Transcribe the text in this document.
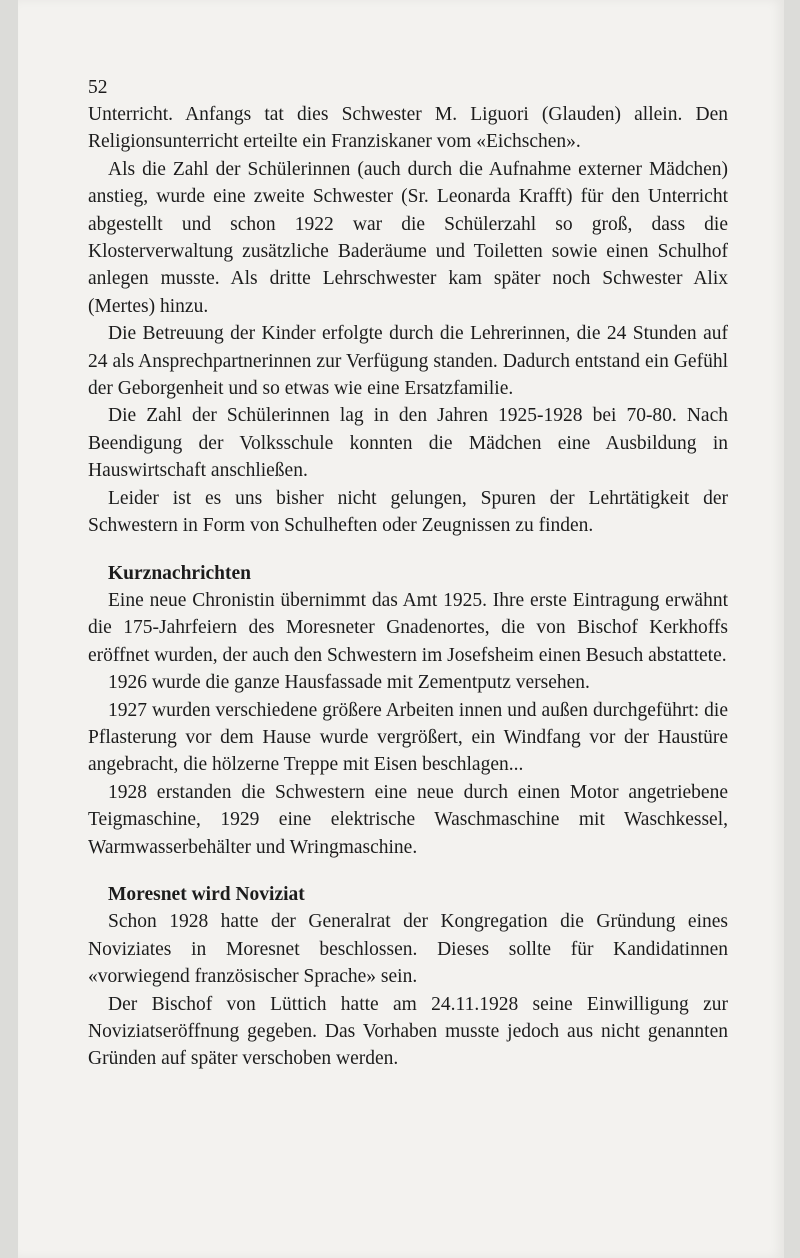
52

Unterricht. Anfangs tat dies Schwester M. Liguori (Glauden) allein. Den Religionsunterricht erteilte ein Franziskaner vom «Eichschen».

Als die Zahl der Schülerinnen (auch durch die Aufnahme externer Mädchen) anstieg, wurde eine zweite Schwester (Sr. Leonarda Krafft) für den Unterricht abgestellt und schon 1922 war die Schülerzahl so groß, dass die Klosterverwaltung zusätzliche Baderäume und Toiletten sowie einen Schulhof anlegen musste. Als dritte Lehrschwester kam später noch Schwester Alix (Mertes) hinzu.

Die Betreuung der Kinder erfolgte durch die Lehrerinnen, die 24 Stunden auf 24 als Ansprechpartnerinnen zur Verfügung standen. Dadurch entstand ein Gefühl der Geborgenheit und so etwas wie eine Ersatzfamilie.

Die Zahl der Schülerinnen lag in den Jahren 1925-1928 bei 70-80. Nach Beendigung der Volksschule konnten die Mädchen eine Ausbildung in Hauswirtschaft anschließen.

Leider ist es uns bisher nicht gelungen, Spuren der Lehrtätigkeit der Schwestern in Form von Schulheften oder Zeugnissen zu finden.

Kurznachrichten

Eine neue Chronistin übernimmt das Amt 1925. Ihre erste Eintragung erwähnt die 175-Jahrfeiern des Moresneter Gnadenortes, die von Bischof Kerkhoffs eröffnet wurden, der auch den Schwestern im Josefsheim einen Besuch abstattete.

1926 wurde die ganze Hausfassade mit Zementputz versehen.

1927 wurden verschiedene größere Arbeiten innen und außen durchgeführt: die Pflasterung vor dem Hause wurde vergrößert, ein Windfang vor der Haustüre angebracht, die hölzerne Treppe mit Eisen beschlagen...

1928 erstanden die Schwestern eine neue durch einen Motor angetriebene Teigmaschine, 1929 eine elektrische Waschmaschine mit Waschkessel, Warmwasserbehälter und Wringmaschine.

Moresnet wird Noviziat

Schon 1928 hatte der Generalrat der Kongregation die Gründung eines Noviziates in Moresnet beschlossen. Dieses sollte für Kandidatinnen «vorwiegend französischer Sprache» sein.

Der Bischof von Lüttich hatte am 24.11.1928 seine Einwilligung zur Noviziatseröffnung gegeben. Das Vorhaben musste jedoch aus nicht genannten Gründen auf später verschoben werden.
